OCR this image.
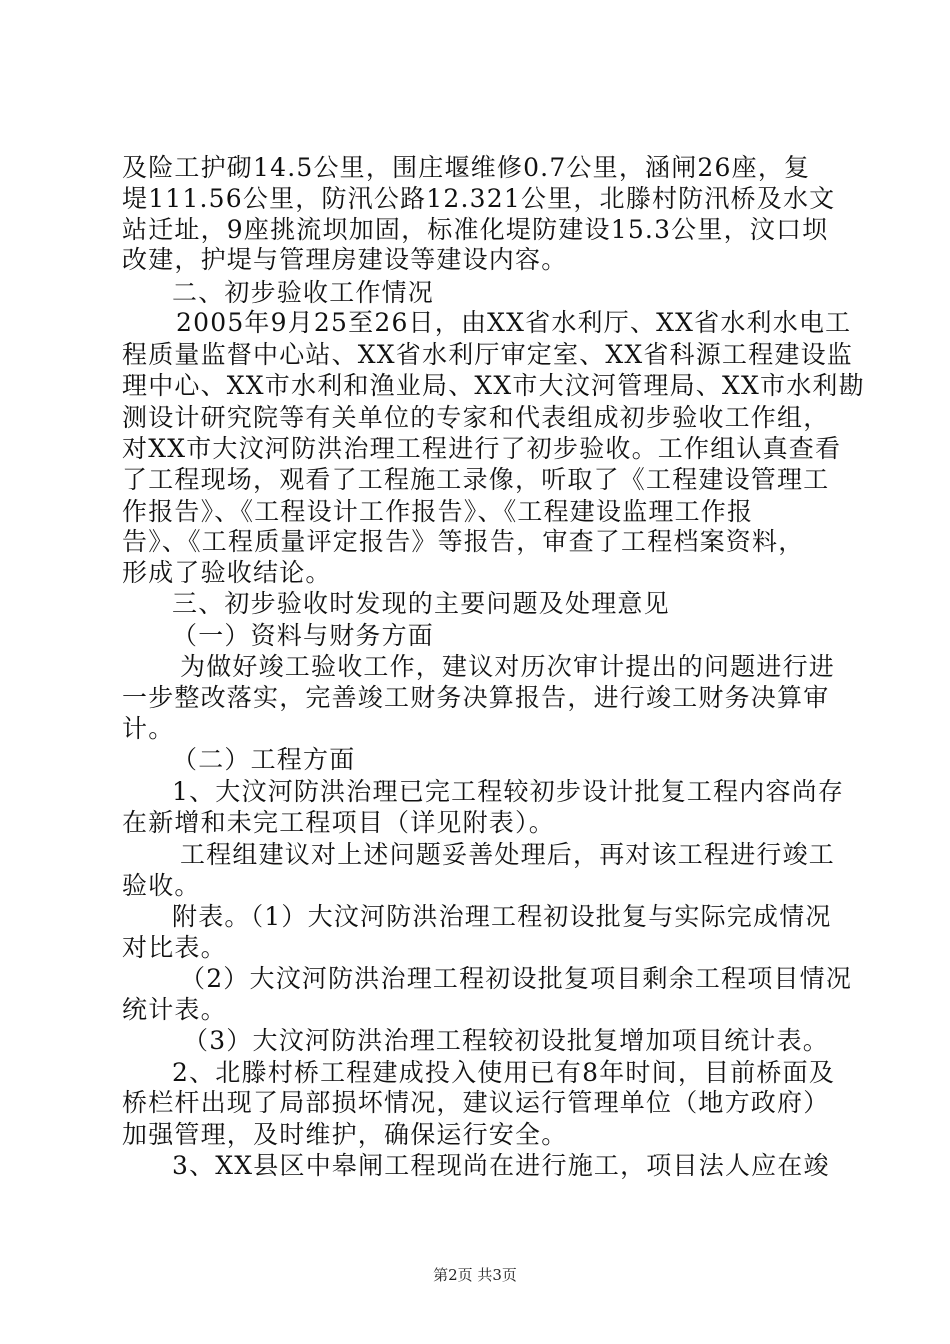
及险工护砌14.5公里，围庄堰维修0.7公里，涵闸26座，复
堤111.56公里，防汛公路12.321公里，北滕村防汛桥及水文
站迁址，9座挑流坝加固，标准化堤防建设15.3公里，汶口坝
改建，护堤与管理房建设等建设内容。
二、初步验收工作情况
2005年9月25至26日，由XX省水利厅、XX省水利水电工
程质量监督中心站、XX省水利厅审定室、XX省科源工程建设监
理中心、XX市水利和渔业局、XX市大汶河管理局、XX市水利勘
测设计研究院等有关单位的专家和代表组成初步验收工作组，
对XX市大汶河防洪治理工程进行了初步验收。工作组认真查看
了工程现场，观看了工程施工录像，听取了《工程建设管理工
作报告》、《工程设计工作报告》、《工程建设监理工作报
告》、《工程质量评定报告》等报告，审查了工程档案资料，
形成了验收结论。
三、初步验收时发现的主要问题及处理意见
（一）资料与财务方面
为做好竣工验收工作，建议对历次审计提出的问题进行进
一步整改落实，完善竣工财务决算报告，进行竣工财务决算审
计。
（二）工程方面
1、大汶河防洪治理已完工程较初步设计批复工程内容尚存
在新增和未完工程项目（详见附表）。
工程组建议对上述问题妥善处理后，再对该工程进行竣工
验收。
附表。（1）大汶河防洪治理工程初设批复与实际完成情况
对比表。
（2）大汶河防洪治理工程初设批复项目剩余工程项目情况
统计表。
（3）大汶河防洪治理工程较初设批复增加项目统计表。
2、北滕村桥工程建成投入使用已有8年时间，目前桥面及
桥栏杆出现了局部损坏情况，建议运行管理单位（地方政府）
加强管理，及时维护，确保运行安全。
3、XX县区中皋闸工程现尚在进行施工，项目法人应在竣
第2页 共3页
